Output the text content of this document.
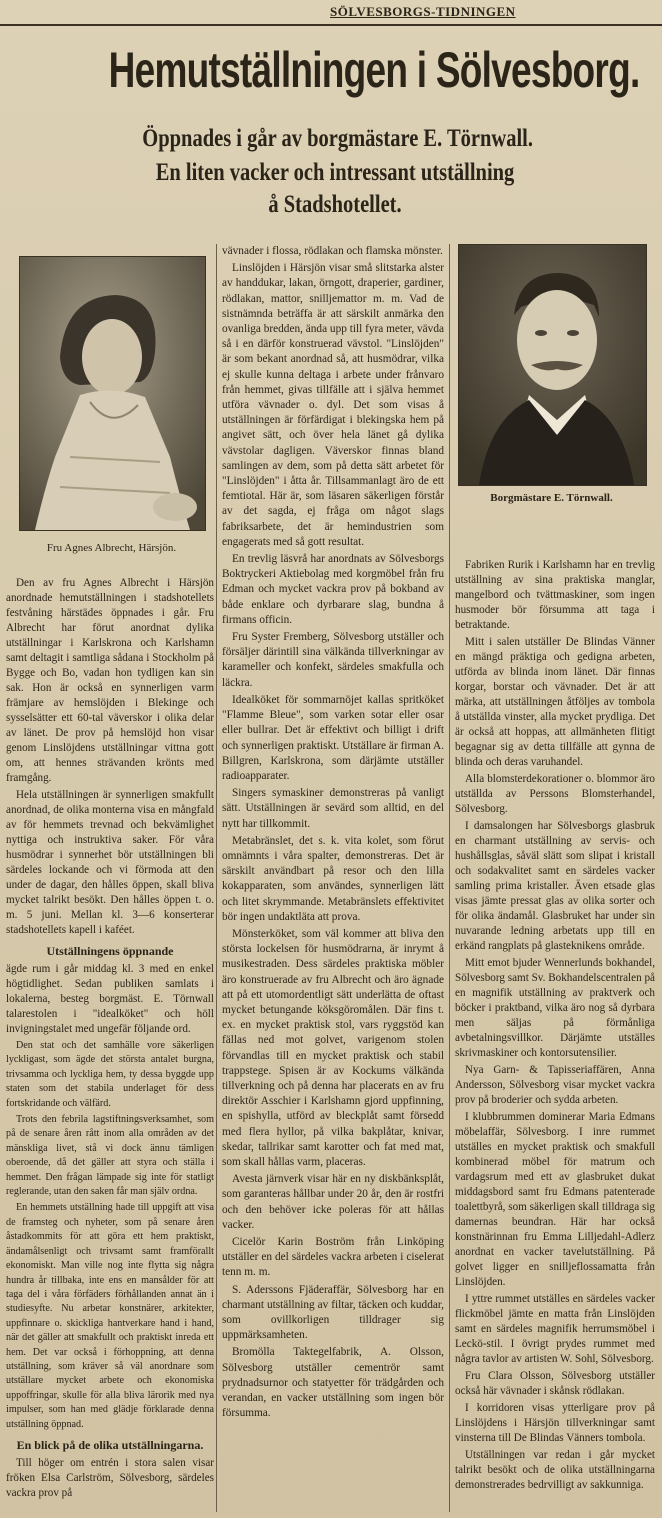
SÖLVESBORGS-TIDNINGEN
Hemutställningen i Sölvesborg.
Öppnades i går av borgmästare E. Törnwall.
En liten vacker och intressant utställning
å Stadshotellet.
Fru Agnes Albrecht, Härsjön.
Borgmästare E. Törnwall.

Den av fru Agnes Albrecht i Härsjön anordnade hemutställningen i stadshotellets festvåning härstädes öppnades i går. Fru Albrecht har förut anordnat dylika utställningar i Karlskrona och Karlshamn samt deltagit i samtliga sådana i Stockholm på Bygge och Bo, vadan hon tydligen kan sin sak. Hon är också en synnerligen varm främjare av hemslöjden i Blekinge och sysselsätter ett 60-tal väverskor i olika delar av länet. De prov på hemslöjd hon visar genom Linslöjdens utställningar vittna gott om, att hennes strävanden krönts med framgång.

Hela utställningen är synnerligen smakfullt anordnad, de olika monterna visa en mångfald av för hemmets trevnad och bekvämlighet nyttiga och instruktiva saker. För våra husmödrar i synnerhet bör utställningen bli särdeles lockande och vi förmoda att den under de dagar, den hålles öppen, skall bliva mycket talrikt besökt. Den hålles öppen t. o. m. 5 juni. Mellan kl. 3—6 konserterar stadshotellets kapell i kaféet.

Utställningens öppnande

ägde rum i går middag kl. 3 med en enkel högtidlighet. Sedan publiken samlats i lokalerna, besteg borgmäst. E. Törnwall talarestolen i "idealköket" och höll invigningstalet med ungefär följande ord.

Den stat och det samhälle vore säkerligen lyckligast, som ägde det största antalet burgna, trivsamma och lyckliga hem, ty dessa byggde upp staten som det stabila underlaget för dess fortskridande och välfärd.

Trots den febrila lagstiftningsverksamhet, som på de senare åren rått inom alla områden av det mänskliga livet, stå vi dock ännu tämligen oberoende, då det gäller att styra och ställa i hemmet. Den frågan lämpade sig inte för statligt reglerande, utan den saken får man själv ordna.

En hemmets utställning hade till uppgift att visa de framsteg och nyheter, som på senare åren åstadkommits för att göra ett hem praktiskt, ändamålsenligt och trivsamt samt framförallt ekonomiskt. Man ville nog inte flytta sig några hundra år tillbaka, inte ens en mansålder för att taga del i våra förfäders förhållanden annat än i studiesyfte. Nu arbetar konstnärer, arkitekter, uppfinnare o. skickliga hantverkare hand i hand, när det gäller att smakfullt och praktiskt inreda ett hem. Det var också i förhoppning, att denna utställning, som kräver så väl anordnare som utställare mycket arbete och ekonomiska uppoffringar, skulle för alla bliva lärorik med nya impulser, som han med glädje förklarade denna utställning öppnad.

En blick på de olika utställningarna.

Till höger om entrén i stora salen visar fröken Elsa Carlström, Sölvesborg, särdeles vackra prov på

vävnader i flossa, rödlakan och flamska mönster.

Linslöjden i Härsjön visar små slitstarka alster av handdukar, lakan, örngott, draperier, gardiner, rödlakan, mattor, snilljemattor m. m. Vad de sistnämnda beträffa är att särskilt anmärka den ovanliga bredden, ända upp till fyra meter, vävda så i en därför konstruerad vävstol. "Linslöjden" är som bekant anordnad så, att husmödrar, vilka ej skulle kunna deltaga i arbete under frånvaro från hemmet, givas tillfälle att i själva hemmet utföra vävnader o. dyl. Det som visas å utställningen är förfärdigat i blekingska hem på angivet sätt, och över hela länet gå dylika vävstolar dagligen. Väverskor finnas bland samlingen av dem, som på detta sätt arbetet för "Linslöjden" i åtta år. Tillsammanlagt äro de ett femtiotal. Här är, som läsaren säkerligen förstår av det sagda, ej fråga om något slags fabriksarbete, det är hemindustrien som engagerats med så gott resultat.

En trevlig läsvrå har anordnats av Sölvesborgs Boktryckeri Aktiebolag med korgmöbel från fru Edman och mycket vackra prov på bokband av både enklare och dyrbarare slag, bundna å firmans officin.

Fru Syster Fremberg, Sölvesborg utställer och försäljer därintill sina välkända tillverkningar av karameller och konfekt, särdeles smakfulla och läckra.

Idealköket för sommarnöjet kallas spritköket "Flamme Bleue", som varken sotar eller osar eller bullrar. Det är effektivt och billigt i drift och synnerligen praktiskt. Utställare är firman A. Billgren, Karlskrona, som därjämte utställer radioapparater.

Singers symaskiner demonstreras på vanligt sätt. Utställningen är sevärd som alltid, en del nytt har tillkommit.

Metabränslet, det s. k. vita kolet, som förut omnämnts i våra spalter, demonstreras. Det är särskilt användbart på resor och den lilla kokapparaten, som användes, synnerligen lätt och litet skrymmande. Metabränslets effektivitet bör ingen undaktläta att prova.

Mönsterköket, som väl kommer att bliva den största lockelsen för husmödrarna, är inrymt å musikestraden. Dess särdeles praktiska möbler äro konstruerade av fru Albrecht och äro ägnade att på ett utomordentligt sätt underlätta de oftast mycket betungande köksgöromålen. Där fins t. ex. en mycket praktisk stol, vars ryggstöd kan fällas ned mot golvet, varigenom stolen förvandlas till en mycket praktisk och stabil trappstege. Spisen är av Kockums välkända tillverkning och på denna har placerats en av fru direktör Asschier i Karlshamn gjord uppfinning, en spishylla, utförd av bleckplåt samt försedd med flera hyllor, på vilka bakplåtar, knivar, skedar, tallrikar samt karotter och fat med mat, som skall hållas varm, placeras.

Avesta järnverk visar här en ny diskbänksplåt, som garanteras hållbar under 20 år, den är rostfri och den behöver icke poleras för att hållas vacker.

Cicelör Karin Boström från Linköping utställer en del särdeles vackra arbeten i ciselerat tenn m. m.

S. Aderssons Fjäderaffär, Sölvesborg har en charmant utställning av filtar, täcken och kuddar, som ovillkorligen tilldrager sig uppmärksamheten.

Bromölla Taktegelfabrik, A. Olsson, Sölvesborg utställer cementrör samt prydnadsurnor och statyetter för trädgården och verandan, en vacker utställning som ingen bör försumma.

Fabriken Rurik i Karlshamn har en trevlig utställning av sina praktiska manglar, mangelbord och tvättmaskiner, som ingen husmoder bör försumma att taga i betraktande.

Mitt i salen utställer De Blindas Vänner en mängd präktiga och gedigna arbeten, utförda av blinda inom länet. Där finnas korgar, borstar och vävnader. Det är att märka, att utställningen åtföljes av tombola å utställda vinster, alla mycket prydliga. Det är också att hoppas, att allmänheten flitigt begagnar sig av detta tillfälle att gynna de blinda och deras varuhandel.

Alla blomsterdekorationer o. blommor äro utställda av Perssons Blomsterhandel, Sölvesborg.

I damsalongen har Sölvesborgs glasbruk en charmant utställning av servis- och hushållsglas, såväl slätt som slipat i kristall och sodakvalitet samt en särdeles vacker samling prima kristaller. Även etsade glas visas jämte pressat glas av olika sorter och för olika ändamål. Glasbruket har under sin nuvarande ledning arbetats upp till en erkänd rangplats på glasteknikens område.

Mitt emot bjuder Wennerlunds bokhandel, Sölvesborg samt Sv. Bokhandelscentralen på en magnifik utställning av praktverk och böcker i praktband, vilka äro nog så dyrbara men säljas på förmånliga avbetalningsvillkor. Därjämte utställes skrivmaskiner och kontorsutensilier.

Nya Garn- & Tapisseriaffären, Anna Andersson, Sölvesborg visar mycket vackra prov på broderier och sydda arbeten.

I klubbrummen dominerar Maria Edmans möbelaffär, Sölvesborg. I inre rummet utställes en mycket praktisk och smakfull kombinerad möbel för matrum och vardagsrum med ett av glasbruket dukat middagsbord samt fru Edmans patenterade toalettbyrå, som säkerligen skall tilldraga sig damernas beundran. Här har också konstnärinnan fru Emma Lilljedahl-Adlerz anordnat en vacker tavelutställning. På golvet ligger en snilljeflossamatta från Linslöjden.

I yttre rummet utställes en särdeles vacker flickmöbel jämte en matta från Linslöjden samt en särdeles magnifik herrumsmöbel i Leckö-stil. I övrigt prydes rummet med några tavlor av artisten W. Sohl, Sölvesborg.

Fru Clara Olsson, Sölvesborg utställer också här vävnader i skånsk rödlakan.

I korridoren visas ytterligare prov på Linslöjdens i Härsjön tillverkningar samt vinsterna till De Blindas Vänners tombola.

Utställningen var redan i går mycket talrikt besökt och de olika utställningarna demonstrerades bedrvilligt av sakkunniga.
